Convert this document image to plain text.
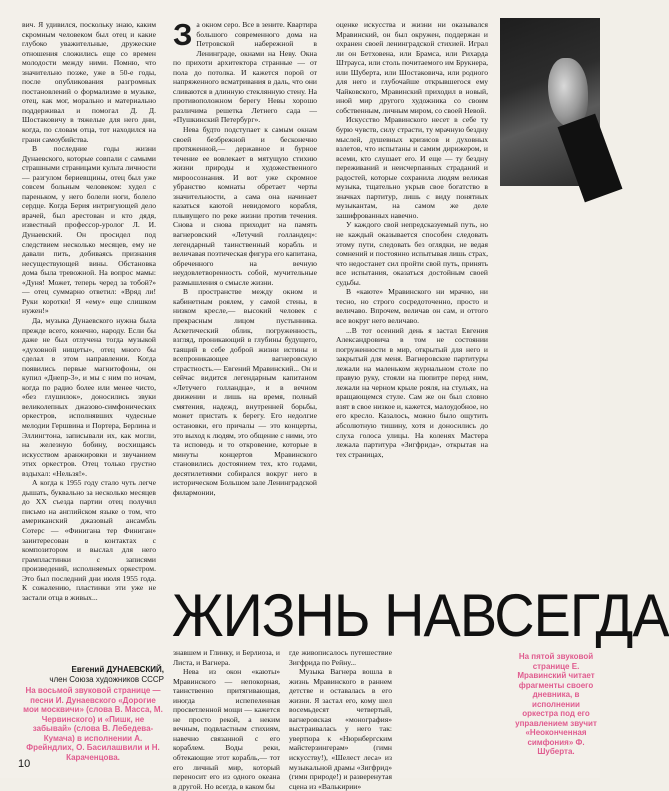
вич. Я удивился, поскольку знаю, каким скромным человеком был отец и какие глубоко уважительные, дружеские отношения сложились еще со времен молодости между ними. Помню, что значительно позже, уже в 50-е годы, после опубликования разгромных постановлений о формализме в музыке, отец, как мог, морально и материально поддерживал и помогал Д. Д. Шостаковичу в тяжелые для него дни, когда, по словам отца, тот находился на грани самоубийства.

В последние годы жизни Дунаевского, которые совпали с самыми страшными страницами культа личности — разгулом бериевщины, отец был уже совсем больным человеком: худел с пареньком, у него болели ноги, болело сердце. Когда Берия интригующей дело врачей, был арестован и кто дядя, известный профессор-уролог Л. И. Дунаевский. Он просидел под следствием несколько месяцев, ему не давали пить, добиваясь признания несуществующей вины. Обстановка дома была тревожной. На вопрос мамы: «Дуня! Может, теперь черед за тобой?» — отец суммарно ответил: «Вряд ли! Руки коротки! Я «ему» еще слишком нужен!»

Да, музыка Дунаевского нужна была прежде всего, конечно, народу. Если бы даже не был отлучена тогда музыкой «духовной нищеты», отец много бы сделал в этом направлении. Когда появились первые магнитофоны, он купил «Днепр-3», и мы с ним по ночам, когда по радио более или менее чисто, «без глушилок», доносились звуки великолепных джазово-симфонических оркестров, исполнявших чудесные мелодии Гершвина и Портера, Берлина и Эллингтона, записывали их, как могли, на железную бобину, восхищаясь искусством аранжировки и звучанием этих оркестров. Отец только грустно вздыхал: «Нельзя!».

А когда к 1955 году стало чуть легче дышать, буквально за несколько месяцев до XX съезда партии отец получил письмо на английском языке о том, что американский джазовый ансамбль Сотерс — «Финигана тер Финиган» заинтересован в контактах с композитором и выслал для него грампластинки с записями произведений, исполняемых оркестром. Это был последний дни июля 1955 года. К сожалению, пластинки эти уже не застали отца в живых...

Евгений ДУНАЕВСКИЙ,
член Союза художников СССР
На восьмой звуковой странице — песни И. Дунаевского «Дорогие мои москвичи» (слова В. Масса, М. Червинского) и «Пишк, не забывай» (слова В. Лебедева-Кумача) в исполнении А. Фрейндлих, О. Басилашвили и Н. Караченцова.
З а окном серо. Все в зените. Квартира большого современного дома на Петровской набережной в Ленинграде, окнами на Неву. Окна по прихоти архитектора странные — от пола до потолка. И кажется порой от напряженного всматривания в даль, что они сливаются в длинную стеклянную стену. На противоположном берегу Невы хорошо различима решетка Летнего сада — «Пушкинский Петербург».

Нева будто подступает к самым окнам своей безбрежной и бесконечно протяженной,— державное и бурное течение ее вовлекает в мятущую стихию жизни природы и художественного мироосознания. И вот уже скромное убранство комнаты обретает черты значительности, а сама она начинает казаться каютой невидомого корабля, плывущего по реке жизни против течения. Снова и снова приходит на память вагнеровский «Летучий голландец»: легендарный таинственный корабль и величавая поэтическая фигура его капитана, обреченного на вечную неудовлетворенность собой, мучительные размышления о смысле жизни.

В пространстве между окном и кабинетным роялем, у самой стены, в низком кресле,— высокий человек с прекрасным лицом пустынника. Аскетический облик, погруженность, взгляд, проникающий в глубины будущего, таящий в себе доброй жизни истины и всепроникающее вагнеровскую страстность.— Евгений Мравинский... Он и сейчас видится легендарным капитаном «Летучего голландца», и в вечном движении и лишь на время, полный смятения, надежд, внутренней борьбы, может пристать к берегу. Его недолгие остановки, его причалы — это концерты, это выход к людям, это общение с ними, это та исповедь и то откровение, которые в минуты концертов Мравинского становились достоянием тех, кто годами, десятилетиями собирался вокруг него в историческом Большом зале Ленинградской филармонии,

оценке искусства и жизни ни оказывался Мравинский, он был окружен, поддержан и охранен своей ленинградской стихией. Играл ли он Бетховена, или Брамса, или Рихарда Штрауса, или столь почитаемого им Брукнера, или Шуберта, или Шостаковича, или родного для него и глубочайше открывшегося ему Чайковского, Мравинский приходил в новый, иной мир другого художника со своим собственным, личным миром, со своей Невой.

Искусство Мравинского несет в себе ту бурю чувств, силу страсти, ту мрачную бездну мыслей, душевных кризисов и духовных взлетов, что испытаны и самим дирижером, и всеми, кто слушает его. И еще — ту бездну переживаний и неисчерпанных страданий и радостей, которые сохранила людям великая музыка, тщательно укрыв свое богатство в значках партитур, лишь с виду понятных музыкантам, на самом же деле зашифрованных навечно.

У каждого свой непредсказуемый путь, но не каждый оказывается способен следовать этому пути, следовать без оглядки, не ведая сомнений и постоянно испытывая лишь страх, что недостанет сил пройти свой путь, принять все испытания, оказаться достойным своей судьбы.

В «каюте» Мравинского ни мрачно, ни тесно, но строго сосредоточенно, просто и величаво. Впрочем, величав он сам, и оттого все вокруг него величаво.

...В тот осенний день я застал Евгения Александровича в том не состоянии погруженности в мир, открытый для него и закрытый для меня. Вагнеровские партитуры лежали на маленьком журнальном столе по правую руку, стояли на пюпитре перед ним, лежали на черном крыле рояля, на стульях, на вращающемся стуле. Сам же он был словно взят в свое низкое и, кажется, малоудобное, но его кресло. Казалось, можно было ощутить абсолютную тишину, хотя и доносились до слуха голоса улицы. На коленях Мастера лежала партитура «Зигфрида», открытая на тех страницах,

ЖИЗНЬ НАВСЕГДА

знавшем и Глинку, и Берлиоза, и Листа, и Вагнера.

Нева из окон «каюты» Мравинского — непокорная, таинственно притягивающая, иногда испепеленная просветленной мощи — кажется не просто рекой, а неким вечным, подвластным стихиям, навечно связанной с его кораблем. Воды реки, обтекающие этот корабль,— тот его личный мир, который переносит его из одного океана в другой. Но всегда, в каком бы

где живописалось путешествие Зигфрида по Рейну...

Музыка Вагнера вошла в жизнь Мравинского в раннем детстве и оставалась в его жизни. Я застал его, кому шел восемьдесят четвертый, вагнеровская «монография» выстраивалась у него так: увертюра к «Нюрнбергским майстерзингерам» (гимн искусству!), «Шелест леса» из музыкальной драмы «Зигфрид» (гимн природе!) и разверенутая сцена из «Валькирии»

На пятой звуковой странице Е. Мравинский читает фрагменты своего дневника, в исполнении оркестра под его управлением звучит «Неоконченная симфония» Ф. Шуберта.
10
